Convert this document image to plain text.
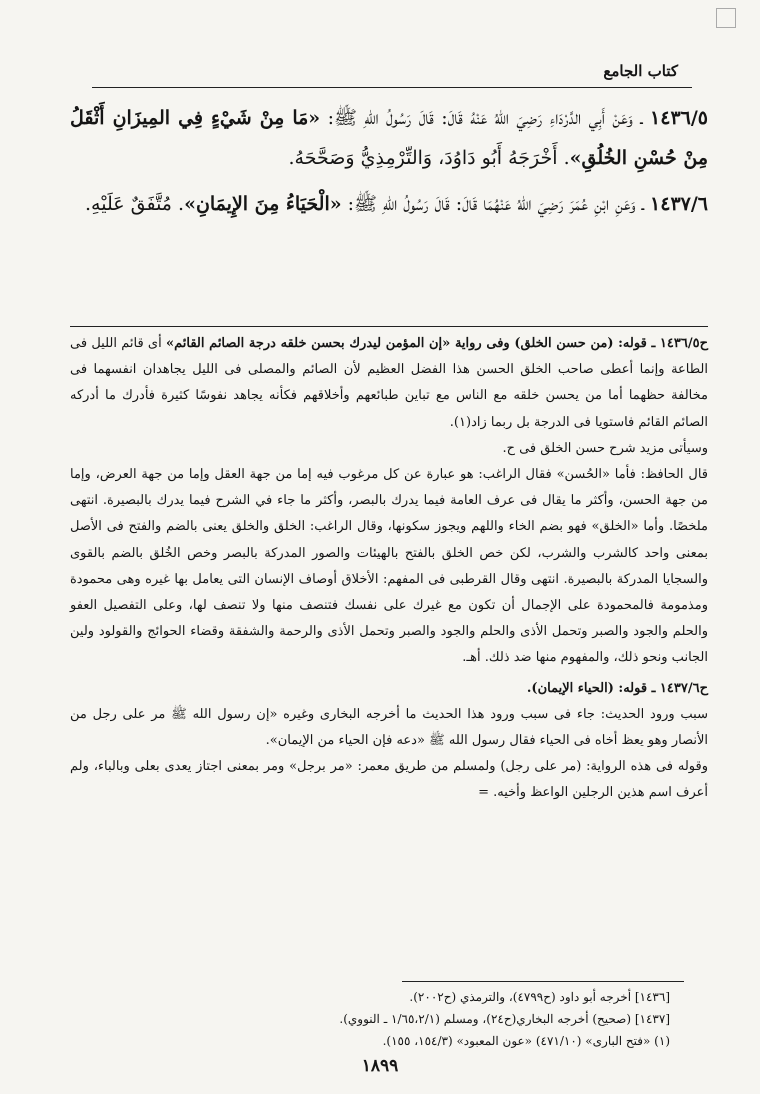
كتاب الجامع

١٤٣٦/٥ ـ وَعَنْ أَبِي الدَّرْدَاءِ رَضِيَ اللهُ عَنْهُ قَالَ: قَالَ رَسُولُ اللهِ ﷺ: «مَا مِنْ شَيْءٍ فِي المِيزَانِ أَثْقَلُ مِنْ حُسْنِ الخُلُقِ». أَخْرَجَهُ أَبُو دَاوُدَ، وَالتِّرْمِذِيُّ وَصَحَّحَهُ.

١٤٣٧/٦ ـ وَعَنِ ابْنِ عُمَرَ رَضِيَ اللهُ عَنْهُمَا قَالَ: قَالَ رَسُولُ اللهِ ﷺ: «الْحَيَاءُ مِنَ الإِيمَانِ». مُتَّفَقٌ عَلَيْهِ.

ح١٤٣٦/٥ ـ قوله: (من حسن الخلق) وفى رواية «إن المؤمن ليدرك بحسن خلقه درجة الصائم القائم» أى قائم الليل فى الطاعة وإنما أعطى صاحب الخلق الحسن هذا الفضل العظيم لأن الصائم والمصلى فى الليل يجاهدان انفسهما فى مخالفة حظهما أما من يحسن خلقه مع الناس مع تباين طبائعهم وأخلاقهم فكأنه يجاهد نفوسًا كثيرة فأدرك ما أدركه الصائم القائم فاستويا فى الدرجة بل ربما زاد(١).

وسيأتى مزيد شرح حسن الخلق فى ح.

قال الحافظ: فأما «الحُسن» فقال الراغب: هو عبارة عن كل مرغوب فيه إما من جهة العقل وإما من جهة العرض، وإما من جهة الحسن، وأكثر ما يقال فى عرف العامة فيما يدرك بالبصر، وأكثر ما جاء في الشرح فيما يدرك بالبصيرة. انتهى ملخصًا. وأما «الخلق» فهو بضم الخاء واللهم ويجوز سكونها، وقال الراغب: الخلق والخلق يعنى بالضم والفتح فى الأصل بمعنى واحد كالشرب والشرب، لكن خص الخلق بالفتح بالهيئات والصور المدركة بالبصر وخص الخُلق بالضم بالقوى والسجايا المدركة بالبصيرة. انتهى وقال القرطبى فى المفهم: الأخلاق أوصاف الإنسان التى يعامل بها غيره وهى محمودة ومذمومة فالمحمودة على الإجمال أن تكون مع غيرك على نفسك فتنصف منها ولا تنصف لها، وعلى التفصيل العفو والحلم والجود والصبر وتحمل الأذى والحلم والجود والصبر وتحمل الأذى والرحمة والشفقة وقضاء الحوائج والقولود ولين الجانب ونحو ذلك، والمفهوم منها ضد ذلك. أهـ.

ح١٤٣٧/٦ ـ قوله: (الحياء الإيمان).

سبب ورود الحديث: جاء فى سبب ورود هذا الحديث ما أخرجه البخارى وغيره «إن رسول الله ﷺ مر على رجل من الأنصار وهو يعظ أخاه فى الحياء فقال رسول الله ﷺ «دعه فإن الحياء من الإيمان».

وقوله فى هذه الرواية: (مر على رجل) ولمسلم من طريق معمر: «مر برجل» ومر بمعنى اجتاز يعدى بعلى وبالباء، ولم أعرف اسم هذين الرجلين الواعظ وأخيه. =

[١٤٣٦] أخرجه أبو داود (ح٤٧٩٩)، والترمذي (ح٢٠٠٢).

[١٤٣٧] (صحيح) أخرجه البخاري(ح٢٤)، ومسلم (١/٦٥،٢/١ ـ النووي).

(١) «فتح البارى» (٤٧١/١٠) «عون المعبود» (١٥٤/٣، ١٥٥).

١٨٩٩
